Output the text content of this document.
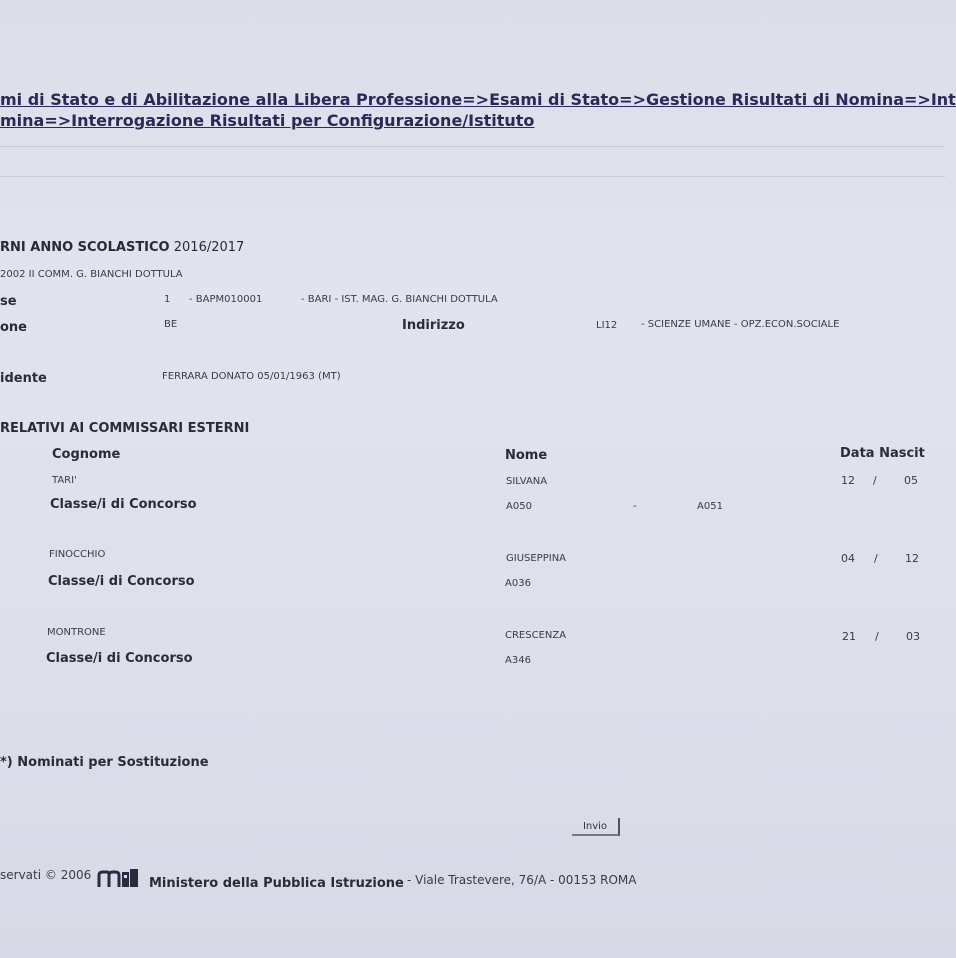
mi di Stato e di Abilitazione alla Libera Professione=>Esami di Stato=>Gestione Risultati di Nomina=>Int
mina=>Interrogazione Risultati per Configurazione/Istituto
RNI ANNO SCOLASTICO 2016/2017
2002 II COMM. G. BIANCHI DOTTULA
se	1 - BAPM010001	- BARI - IST. MAG. G. BIANCHI DOTTULA
one	BE	Indirizzo	LI12 - SCIENZE UMANE - OPZ.ECON.SOCIALE
idente	FERRARA DONATO 05/01/1963 (MT)
RELATIVI AI COMMISSARI ESTERNI
Cognome	Nome	Data Nascit
TARI'	SILVANA	12 / 05
Classe/i di Concorso	A050	-	A051
FINOCCHIO	GIUSEPPINA	04 / 12
Classe/i di Concorso	A036
MONTRONE	CRESCENZA	21 / 03
Classe/i di Concorso	A346
*) Nominati per Sostituzione
Invio
servati © 2006
Ministero della Pubblica Istruzione - Viale Trastevere, 76/A - 00153 ROMA
